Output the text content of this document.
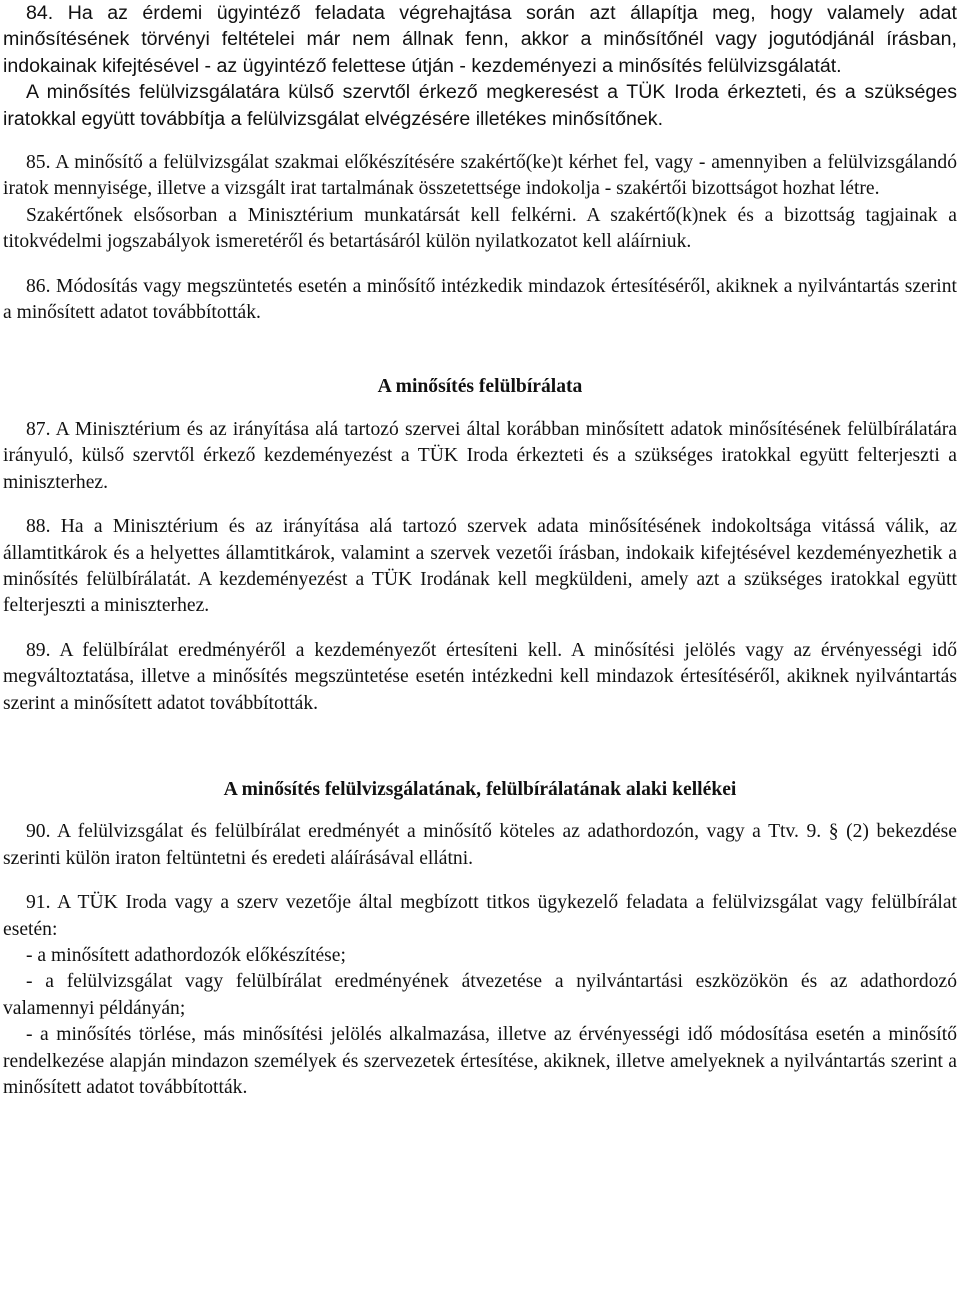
84. Ha az érdemi ügyintéző feladata végrehajtása során azt állapítja meg, hogy valamely adat minősítésének törvényi feltételei már nem állnak fenn, akkor a minősítőnél vagy jogutódjánál írásban, indokainak kifejtésével - az ügyintéző felettese útján - kezdeményezi a minősítés felülvizsgálatát.

A minősítés felülvizsgálatára külső szervtől érkező megkeresést a TÜK Iroda érkezteti, és a szükséges iratokkal együtt továbbítja a felülvizsgálat elvégzésére illetékes minősítőnek.

85. A minősítő a felülvizsgálat szakmai előkészítésére szakértő(ke)t kérhet fel, vagy - amennyiben a felülvizsgálandó iratok mennyisége, illetve a vizsgált irat tartalmának összetettsége indokolja - szakértői bizottságot hozhat létre.

Szakértőnek elsősorban a Minisztérium munkatársát kell felkérni. A szakértő(k)nek és a bizottság tagjainak a titokvédelmi jogszabályok ismeretéről és betartásáról külön nyilatkozatot kell aláírniuk.

86. Módosítás vagy megszüntetés esetén a minősítő intézkedik mindazok értesítéséről, akiknek a nyilvántartás szerint a minősített adatot továbbították.

A minősítés felülbírálata

87. A Minisztérium és az irányítása alá tartozó szervei által korábban minősített adatok minősítésének felülbírálatára irányuló, külső szervtől érkező kezdeményezést a TÜK Iroda érkezteti és a szükséges iratokkal együtt felterjeszti a miniszterhez.

88. Ha a Minisztérium és az irányítása alá tartozó szervek adata minősítésének indokoltsága vitássá válik, az államtitkárok és a helyettes államtitkárok, valamint a szervek vezetői írásban, indokaik kifejtésével kezdeményezhetik a minősítés felülbírálatát. A kezdeményezést a TÜK Irodának kell megküldeni, amely azt a szükséges iratokkal együtt felterjeszti a miniszterhez.

89. A felülbírálat eredményéről a kezdeményezőt értesíteni kell. A minősítési jelölés vagy az érvényességi idő megváltoztatása, illetve a minősítés megszüntetése esetén intézkedni kell mindazok értesítéséről, akiknek nyilvántartás szerint a minősített adatot továbbították.

A minősítés felülvizsgálatának, felülbírálatának alaki kellékei

90. A felülvizsgálat és felülbírálat eredményét a minősítő köteles az adathordozón, vagy a Ttv. 9. § (2) bekezdése szerinti külön iraton feltüntetni és eredeti aláírásával ellátni.

91. A TÜK Iroda vagy a szerv vezetője által megbízott titkos ügykezelő feladata a felülvizsgálat vagy felülbírálat esetén:

- a minősített adathordozók előkészítése;

- a felülvizsgálat vagy felülbírálat eredményének átvezetése a nyilvántartási eszközökön és az adathordozó valamennyi példányán;

- a minősítés törlése, más minősítési jelölés alkalmazása, illetve az érvényességi idő módosítása esetén a minősítő rendelkezése alapján mindazon személyek és szervezetek értesítése, akiknek, illetve amelyeknek a nyilvántartás szerint a minősített adatot továbbították.
